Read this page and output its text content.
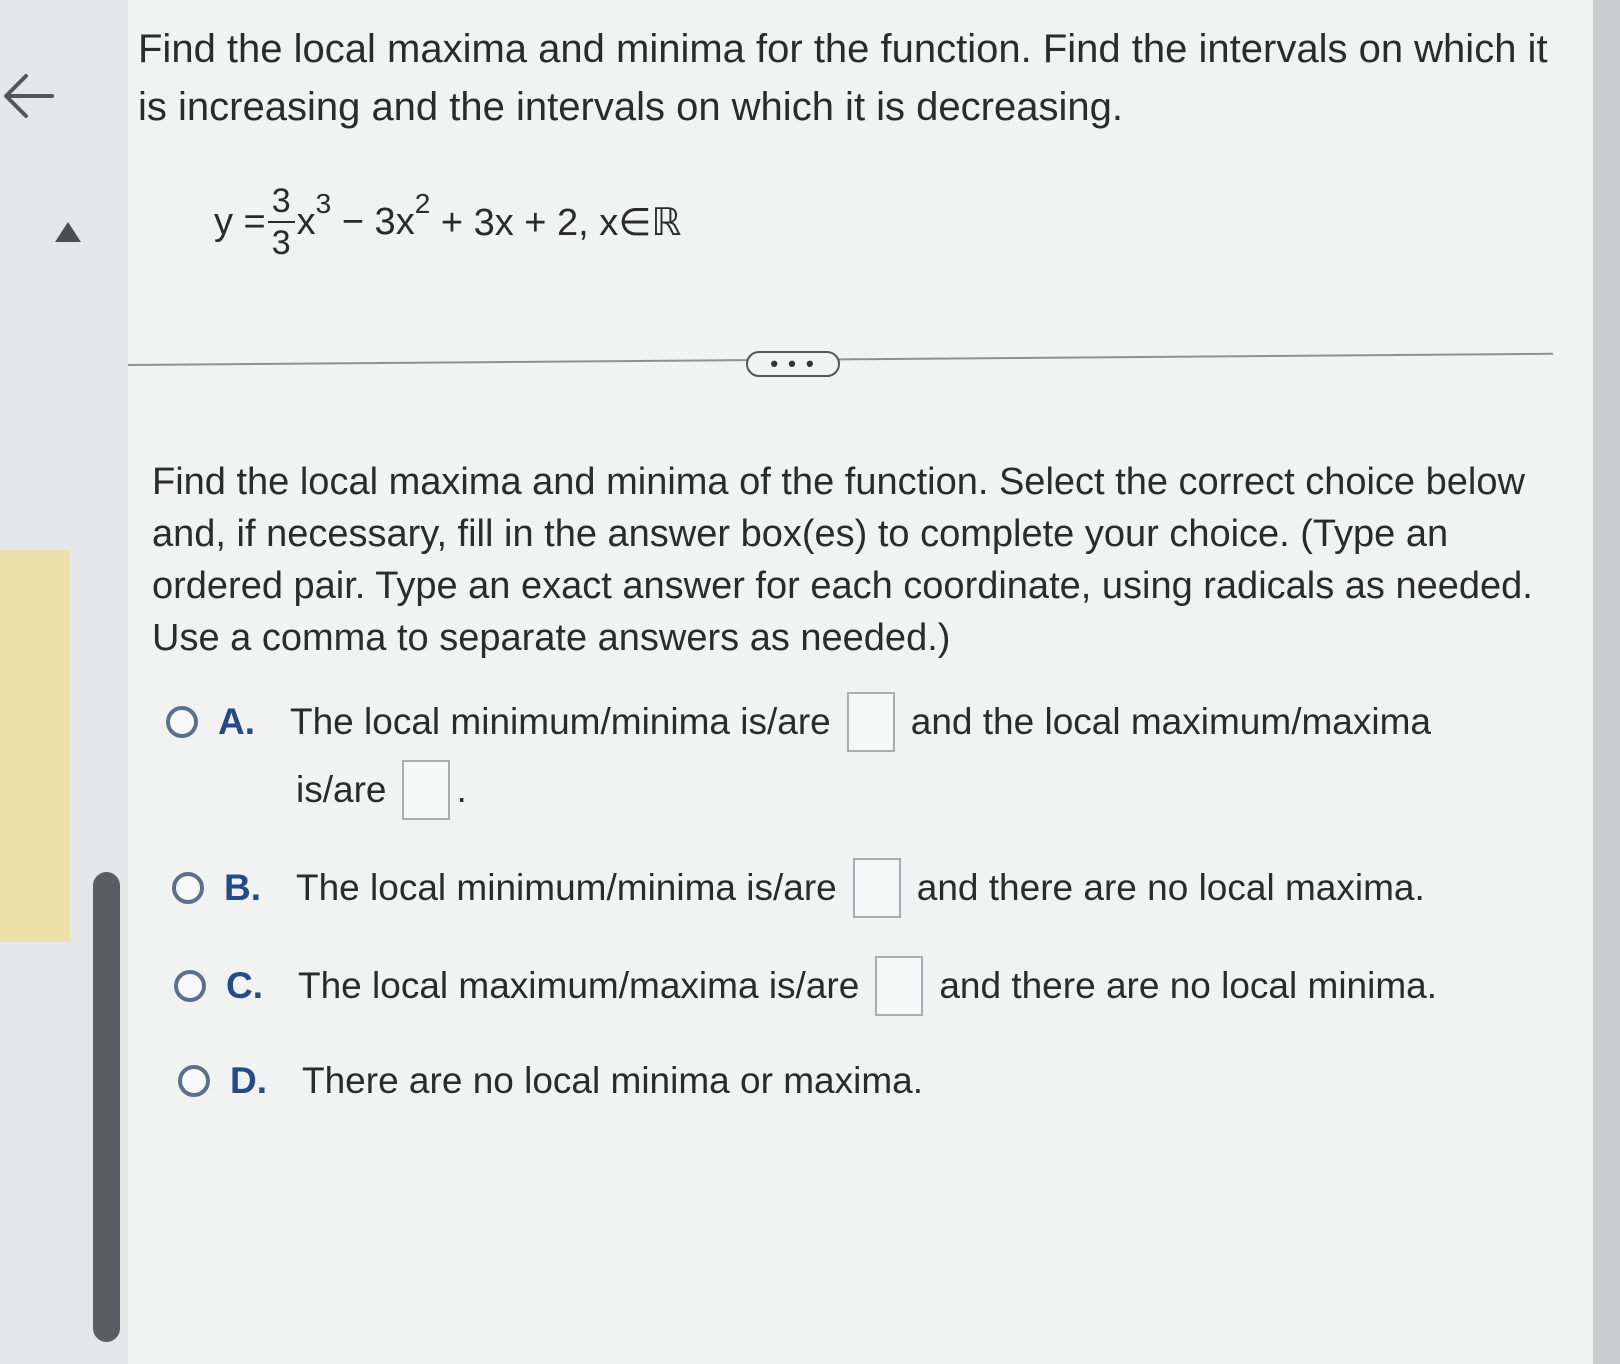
Find the local maxima and minima for the function. Find the intervals on which it is increasing and the intervals on which it is decreasing.

$y = \frac{3}{3}$ x 3 − 3x 2 + 3x + 2, x∈ℝ
• • •

Find the local maxima and minima of the function. Select the correct choice below and, if necessary, fill in the answer box(es) to complete your choice. (Type an ordered pair. Type an exact answer for each coordinate, using radicals as needed. Use a comma to separate answers as needed.)

A. The local minimum/minima is/are and the local maximum/maxima
is/are .
B. The local minimum/minima is/are and there are no local maxima.
C. The local maximum/maxima is/are and there are no local minima.
D. There are no local minima or maxima.
